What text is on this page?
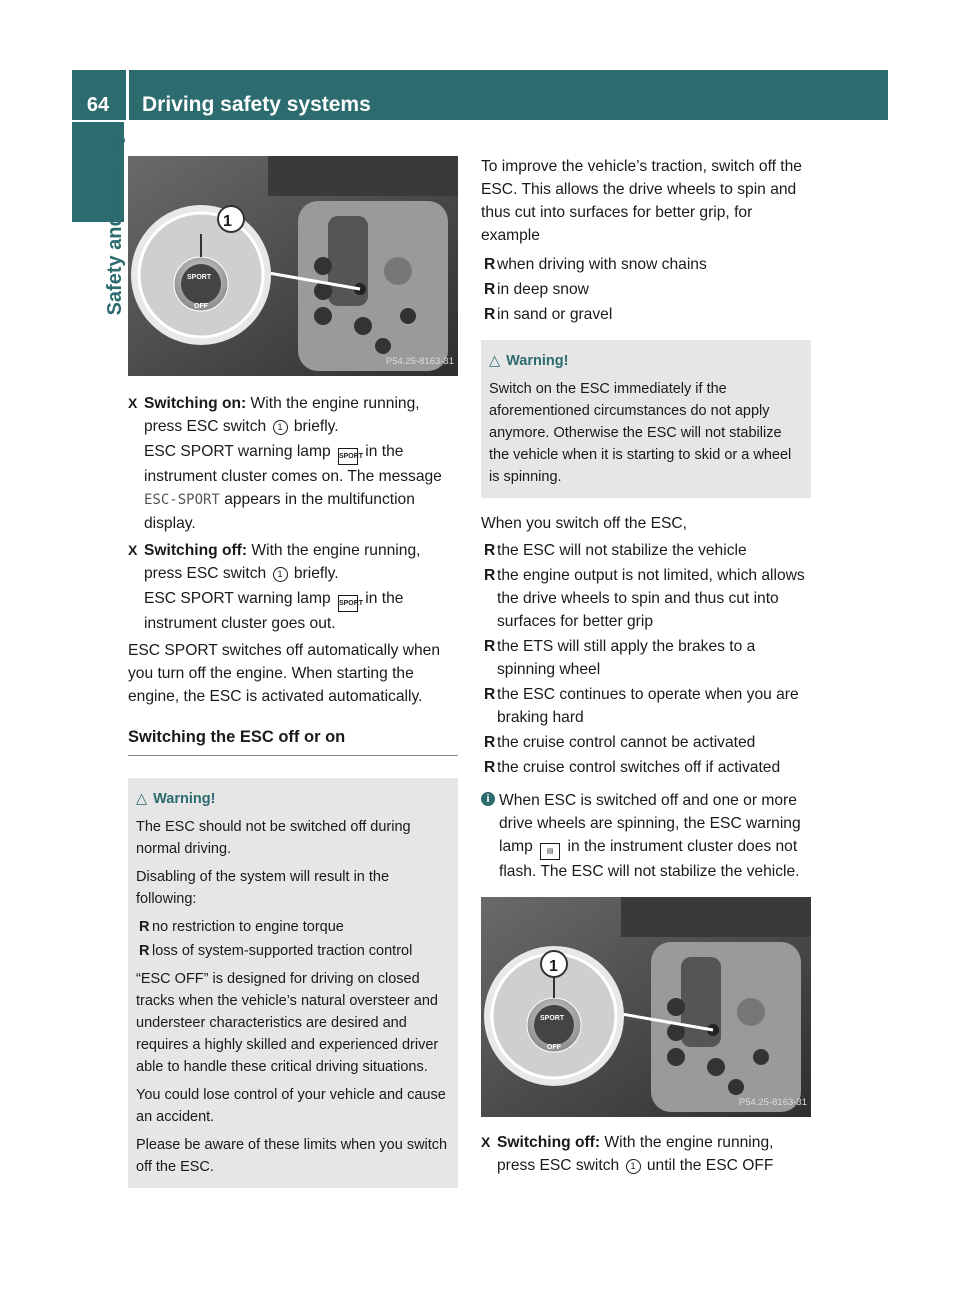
64	Driving safety systems
Safety and security	1
SPORT
OFF
P54.25-8163-31
X Switching on: With the engine running, press ESC switch 1 briefly.

ESC SPORT warning lamp SPORT in the instrument cluster comes on. The message ESC-SPORT appears in the multifunction display.

X Switching off: With the engine running, press ESC switch 1 briefly.

ESC SPORT warning lamp SPORT in the instrument cluster goes out.

ESC SPORT switches off automatically when you turn off the engine. When starting the engine, the ESC is activated automatically.

Switching the ESC off or on
△ Warning!

The ESC should not be switched off during normal driving.

Disabling of the system will result in the following:

R no restriction to engine torque
R loss of system-supported traction control

“ESC OFF” is designed for driving on closed tracks when the vehicle’s natural oversteer and understeer characteristics are desired and requires a highly skilled and experienced driver able to handle these critical driving situations.

You could lose control of your vehicle and cause an accident.

Please be aware of these limits when you switch off the ESC.

To improve the vehicle’s traction, switch off the ESC. This allows the drive wheels to spin and thus cut into surfaces for better grip, for example

R when driving with snow chains
R in deep snow
R in sand or gravel
△ Warning!

Switch on the ESC immediately if the aforementioned circumstances do not apply anymore. Otherwise the ESC will not stabilize the vehicle when it is starting to skid or a wheel is spinning.

When you switch off the ESC,

R the ESC will not stabilize the vehicle
R the engine output is not limited, which allows the drive wheels to spin and thus cut into surfaces for better grip
R the ETS will still apply the brakes to a spinning wheel
R the ESC continues to operate when you are braking hard
R the cruise control cannot be activated
R the cruise control switches off if activated
i When ESC is switched off and one or more drive wheels are spinning, the ESC warning lamp ▤ in the instrument cluster does not flash. The ESC will not stabilize the vehicle.
1
SPORT
OFF
P54.25-8163-31
X Switching off: With the engine running, press ESC switch 1 until the ESC OFF
